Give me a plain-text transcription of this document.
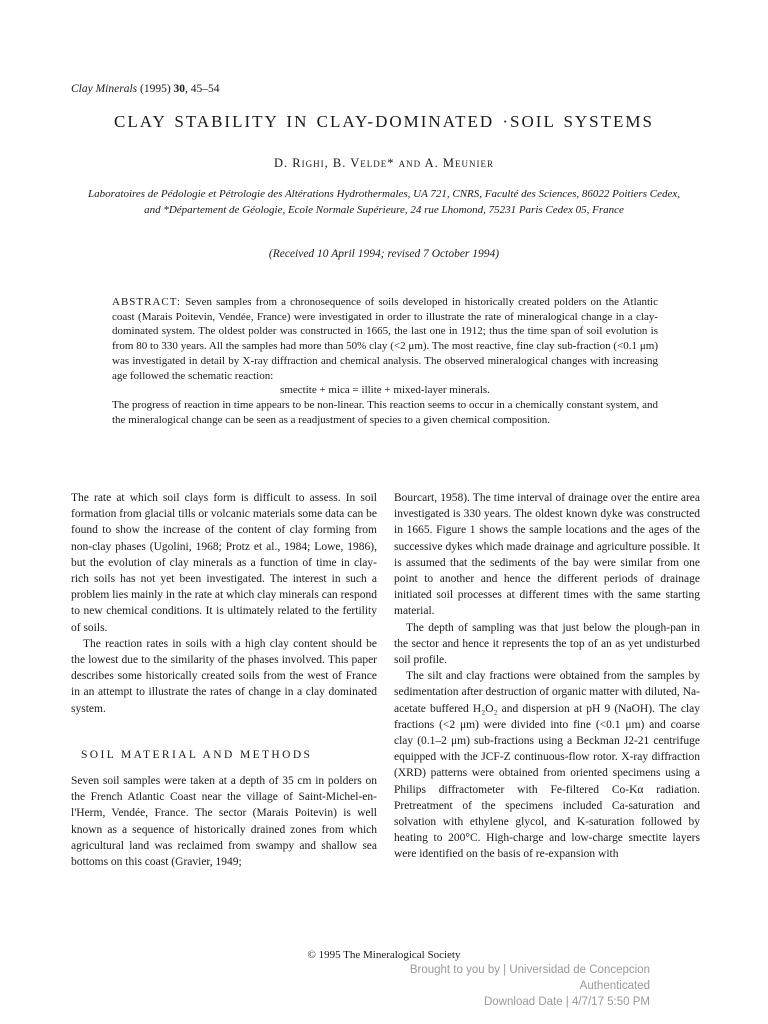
Clay Minerals (1995) 30, 45–54
CLAY STABILITY IN CLAY-DOMINATED ·SOIL SYSTEMS
D. Righi, B. Velde* and A. Meunier
Laboratoires de Pédologie et Pétrologie des Altérations Hydrothermales, UA 721, CNRS, Faculté des Sciences, 86022 Poitiers Cedex, and *Département de Géologie, Ecole Normale Supérieure, 24 rue Lhomond, 75231 Paris Cedex 05, France
(Received 10 April 1994; revised 7 October 1994)

ABSTRACT: Seven samples from a chronosequence of soils developed in historically created polders on the Atlantic coast (Marais Poitevin, Vendée, France) were investigated in order to illustrate the rate of mineralogical change in a clay-dominated system. The oldest polder was constructed in 1665, the last one in 1912; thus the time span of soil evolution is from 80 to 330 years. All the samples had more than 50% clay (<2 μm). The most reactive, fine clay sub-fraction (<0.1 μm) was investigated in detail by X-ray diffraction and chemical analysis. The observed mineralogical changes with increasing age followed the schematic reaction:

smectite + mica = illite + mixed-layer minerals.

The progress of reaction in time appears to be non-linear. This reaction seems to occur in a chemically constant system, and the mineralogical change can be seen as a readjustment of species to a given chemical composition.

The rate at which soil clays form is difficult to assess. In soil formation from glacial tills or volcanic materials some data can be found to show the increase of the content of clay forming from non-clay phases (Ugolini, 1968; Protz et al., 1984; Lowe, 1986), but the evolution of clay minerals as a function of time in clay-rich soils has not yet been investigated. The interest in such a problem lies mainly in the rate at which clay minerals can respond to new chemical conditions. It is ultimately related to the fertility of soils.

The reaction rates in soils with a high clay content should be the lowest due to the similarity of the phases involved. This paper describes some historically created soils from the west of France in an attempt to illustrate the rates of change in a clay dominated system.

SOIL MATERIAL AND METHODS

Seven soil samples were taken at a depth of 35 cm in polders on the French Atlantic Coast near the village of Saint-Michel-en-l'Herm, Vendée, France. The sector (Marais Poitevin) is well known as a sequence of historically drained zones from which agricultural land was reclaimed from swampy and shallow sea bottoms on this coast (Gravier, 1949;

Bourcart, 1958). The time interval of drainage over the entire area investigated is 330 years. The oldest known dyke was constructed in 1665. Figure 1 shows the sample locations and the ages of the successive dykes which made drainage and agriculture possible. It is assumed that the sediments of the bay were similar from one point to another and hence the different periods of drainage initiated soil processes at different times with the same starting material.

The depth of sampling was that just below the plough-pan in the sector and hence it represents the top of an as yet undisturbed soil profile.

The silt and clay fractions were obtained from the samples by sedimentation after destruction of organic matter with diluted, Na-acetate buffered H₂O₂ and dispersion at pH 9 (NaOH). The clay fractions (<2 μm) were divided into fine (<0.1 μm) and coarse clay (0.1–2 μm) sub-fractions using a Beckman J2-21 centrifuge equipped with the JCF-Z continuous-flow rotor. X-ray diffraction (XRD) patterns were obtained from oriented specimens using a Philips diffractometer with Fe-filtered Co-Kα radiation. Pretreatment of the specimens included Ca-saturation and solvation with ethylene glycol, and K-saturation followed by heating to 200°C. High-charge and low-charge smectite layers were identified on the basis of re-expansion with

© 1995 The Mineralogical Society
Brought to you by | Universidad de Concepcion
Authenticated
Download Date | 4/7/17 5:50 PM
